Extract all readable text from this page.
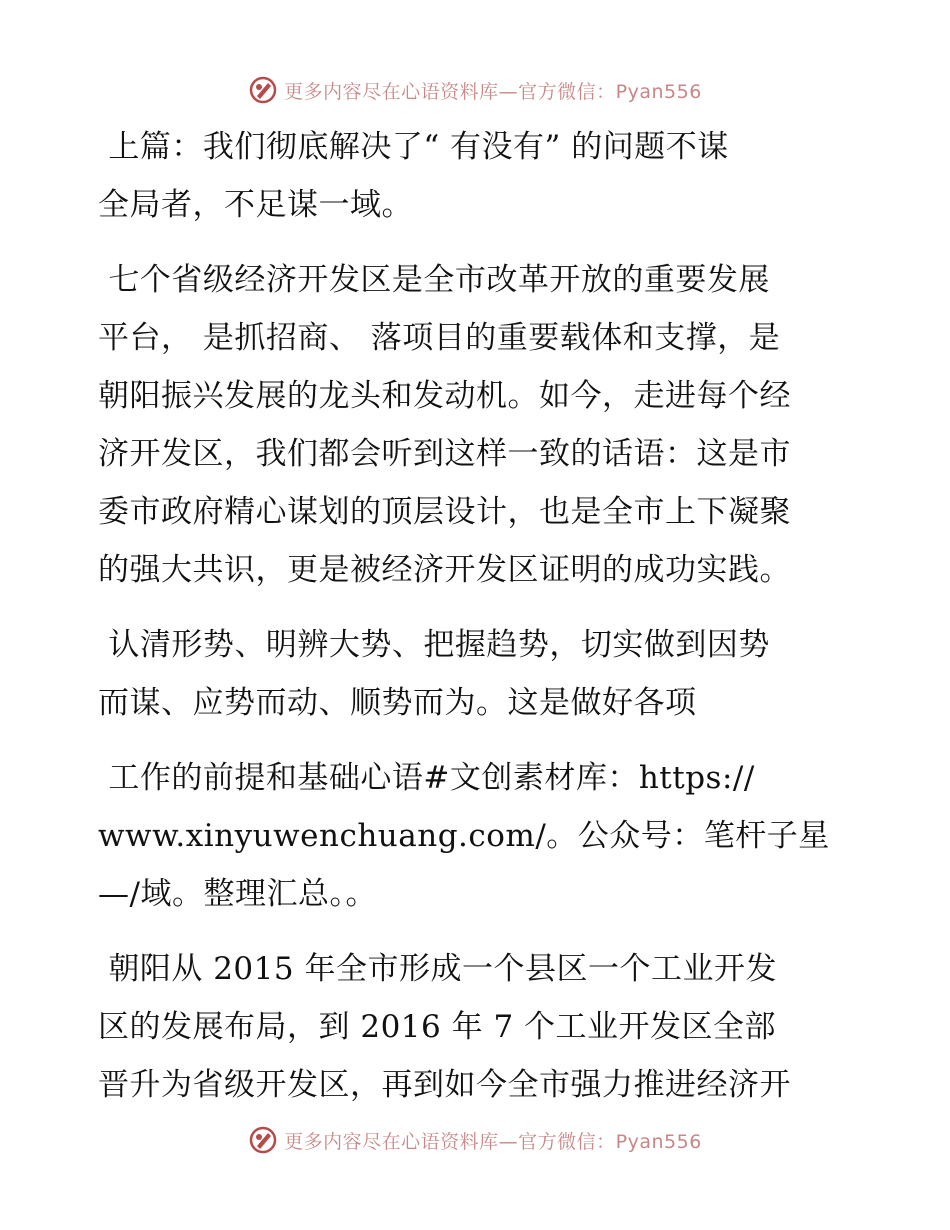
更多内容尽在心语资料库—官方微信：Pyan556
上篇：我们彻底解决了“ 有没有” 的问题不谋
全局者，不足谋一域。
七个省级经济开发区是全市改革开放的重要发展
平台， 是抓招商、 落项目的重要载体和支撑，是
朝阳振兴发展的龙头和发动机。如今，走进每个经
济开发区，我们都会听到这样一致的话语：这是市
委市政府精心谋划的顶层设计，也是全市上下凝聚
的强大共识，更是被经济开发区证明的成功实践。
认清形势、明辨大势、把握趋势，切实做到因势
而谋、应势而动、顺势而为。这是做好各项
工作的前提和基础心语#文创素材库：https://
www.xinyuwenchuang.com/。公众号：笔杆子星
—/域。整理汇总。。
朝阳从 2015 年全市形成一个县区一个工业开发
区的发展布局，到 2016 年 7 个工业开发区全部
晋升为省级开发区，再到如今全市强力推进经济开
更多内容尽在心语资料库—官方微信：Pyan556
